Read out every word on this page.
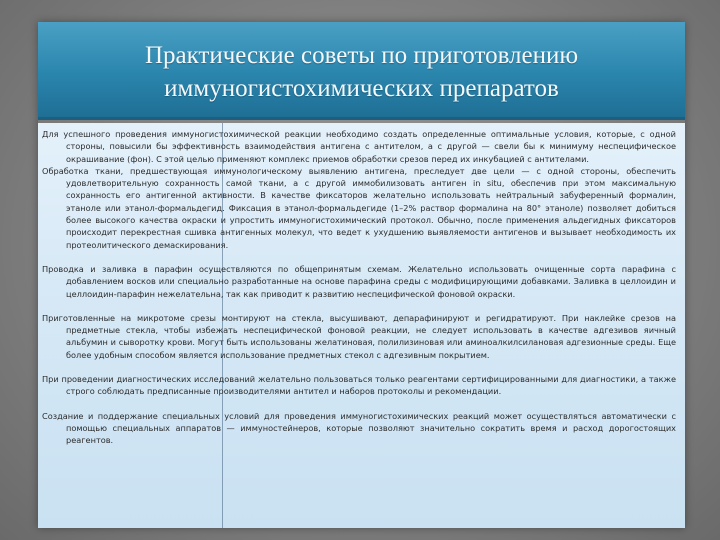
Практические советы по приготовлению
иммуногистохимических препаратов

Для успешного проведения иммуногистохимической реакции необходимо создать определенные оптимальные условия, которые, с одной стороны, повысили бы эффективность взаимодействия антигена с антителом, а с другой — свели бы к минимуму неспецифическое окрашивание (фон). С этой целью применяют комплекс приемов обработки срезов перед их инкубацией с антителами.

Обработка ткани, предшествующая иммунологическому выявлению антигена, преследует две цели — с одной стороны, обеспечить удовлетворительную сохранность самой ткани, а с другой иммобилизовать антиген in situ, обеспечив при этом максимальную сохранность его антигенной активности. В качестве фиксаторов желательно использовать нейтральный забуференный формалин, этаноле или этанол-формальдегид. Фиксация в этанол-формальдегиде (1–2% раствор формалина на 80° этаноле) позволяет добиться более высокого качества окраски и упростить иммуногистохимический протокол. Обычно, после применения альдегидных фиксаторов происходит перекрестная сшивка антигенных молекул, что ведет к ухудшению выявляемости антигенов и вызывает необходимость их протеолитического демаскирования.

Проводка и заливка в парафин осуществляются по общепринятым схемам. Желательно использовать очищенные сорта парафина с добавлением восков или специально разработанные на основе парафина среды с модифицирующими добавками. Заливка в целлоидин и целлоидин-парафин нежелательна, так как приводит к развитию неспецифической фоновой окраски.

Приготовленные на микротоме срезы монтируют на стекла, высушивают, депарафинируют и регидратируют. При наклейке срезов на предметные стекла, чтобы избежать неспецифической фоновой реакции, не следует использовать в качестве адгезивов яичный альбумин и сыворотку крови. Могут быть использованы желатиновая, полилизиновая или аминоалкилсилановая адгезионные среды. Еще более удобным способом является использование предметных стекол с адгезивным покрытием.

При проведении диагностических исследований желательно пользоваться только реагентами сертифицированными для диагностики, а также строго соблюдать предписанные производителями антител и наборов протоколы и рекомендации.

Создание и поддержание специальных условий для проведения иммуногистохимических реакций может осуществляться автоматически с помощью специальных аппаратов — иммуностейнеров, которые позволяют значительно сократить время и расход дорогостоящих реагентов.
